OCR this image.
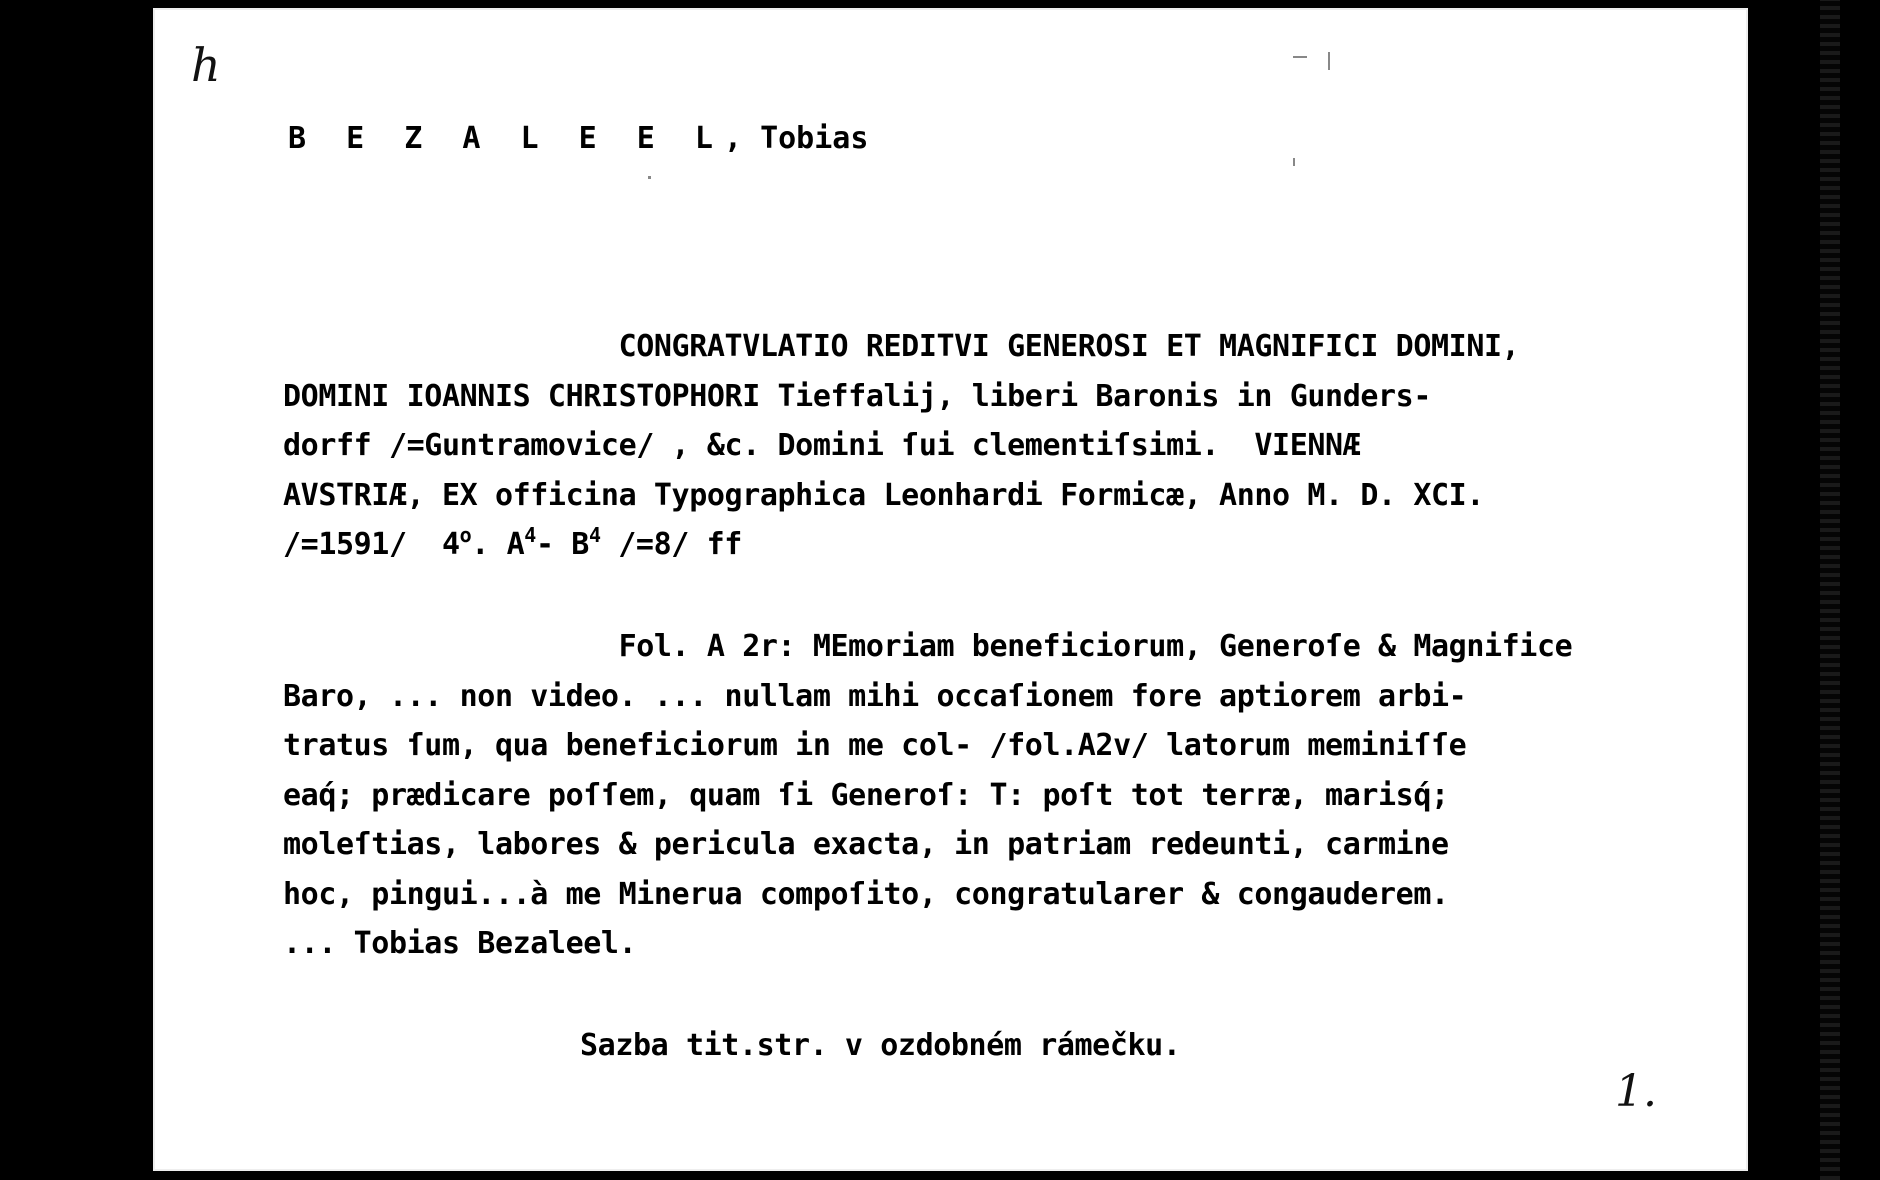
h
B E Z A L E E L, Tobias
CONGRATVLATIO REDITVI GENEROSI ET MAGNIFICI DOMINI,
DOMINI IOANNIS CHRISTOPHORI Tieffalij, liberi Baronis in Gunders-
dorff /=Guntramovice/ , &c. Domini ſui clementiſsimi.  VIENNÆ
AVSTRIÆ, EX officina Typographica Leonhardi Formicæ, Anno M. D. XCI.
/=1591/ 4$^o$. $A^4-$ $B^4$ /=8/ ff
Fol. A 2r: MEmoriam beneficiorum, Generoſe & Magnifice
Baro, ... non video. ... nullam mihi occaſionem fore aptiorem arbi-
tratus ſum, qua beneficiorum in me col- /fol.A2v/ latorum meminiſſe
eaq́; prædicare poſſem, quam ſi Generoſ: T: poſt tot terræ, marisq́;
moleſtias, labores & pericula exacta, in patriam redeunti, carmine
hoc, pingui...à me Minerua compoſito, congratularer & congauderem.
... Tobias Bezaleel.
Sazba tit.str. v ozdobném rámečku.
1.
